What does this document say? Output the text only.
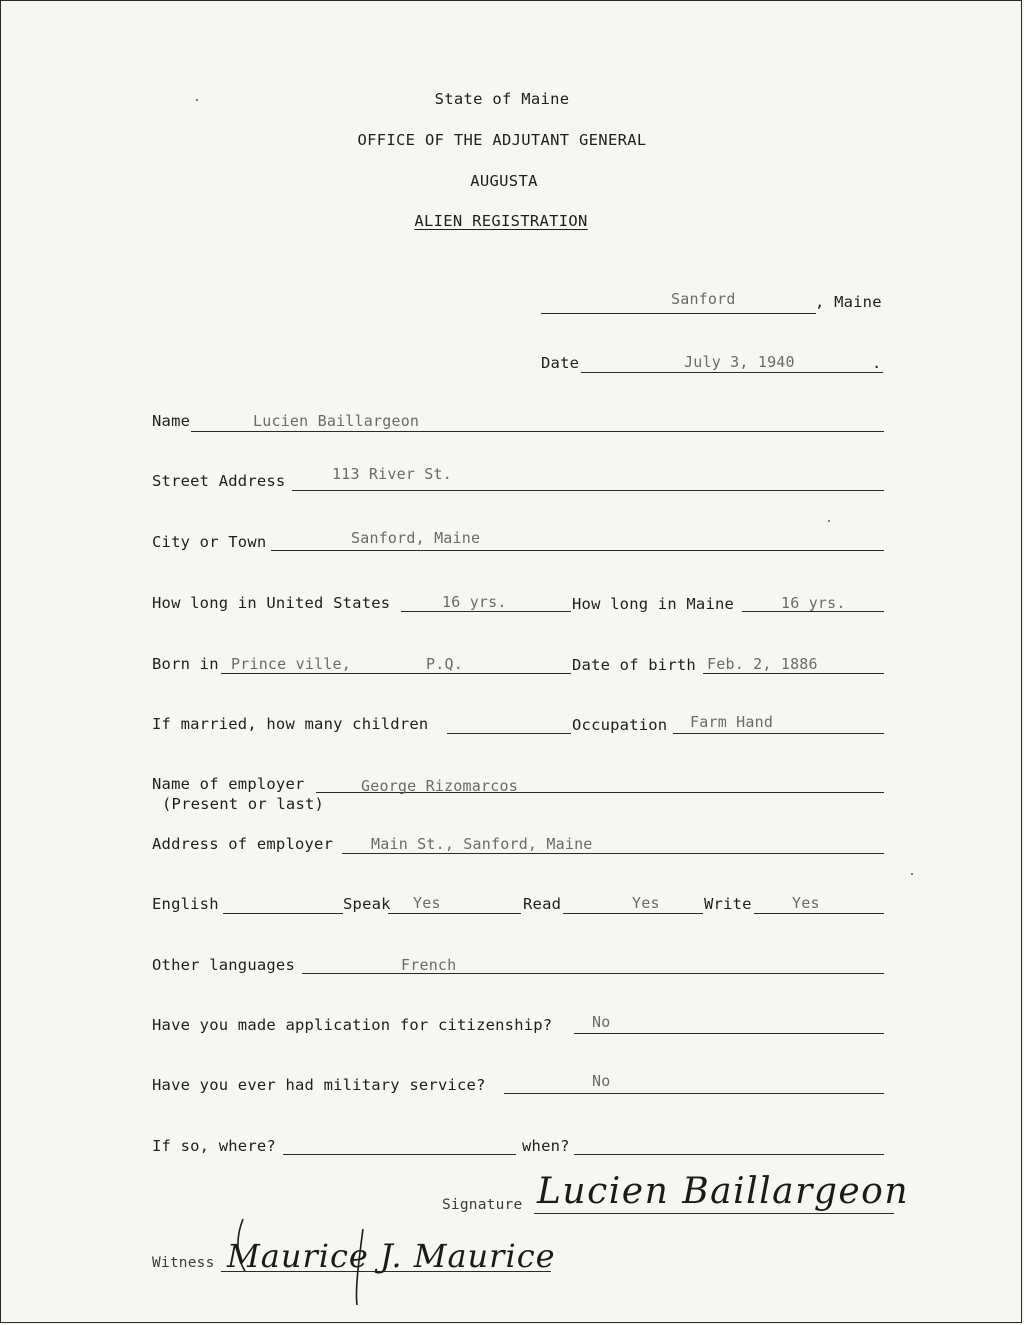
State of Maine
OFFICE OF THE ADJUTANT GENERAL
AUGUSTA
ALIEN REGISTRATION
Sanford	, Maine
Date	July 3, 1940	.
Name	Lucien Baillargeon
Street Address	113 River St.
City or Town	Sanford, Maine
How long in United States	16 yrs.	How long in Maine	16 yrs.
Born in Prince ville,	P.Q.	Date of birth Feb. 2, 1886
If married, how many children	Occupation Farm Hand
Name of employer
(Present or last)
George Rizomarcos
Address of employer	Main St., Sanford, Maine
English	Speak Yes	Read	Yes	Write	Yes
Other languages	French
Have you made application for citizenship?	No
Have you ever had military service?	No
If so, where?	when?
Signature Lucien Baillargeon
Witness Maurice J. Maurice
